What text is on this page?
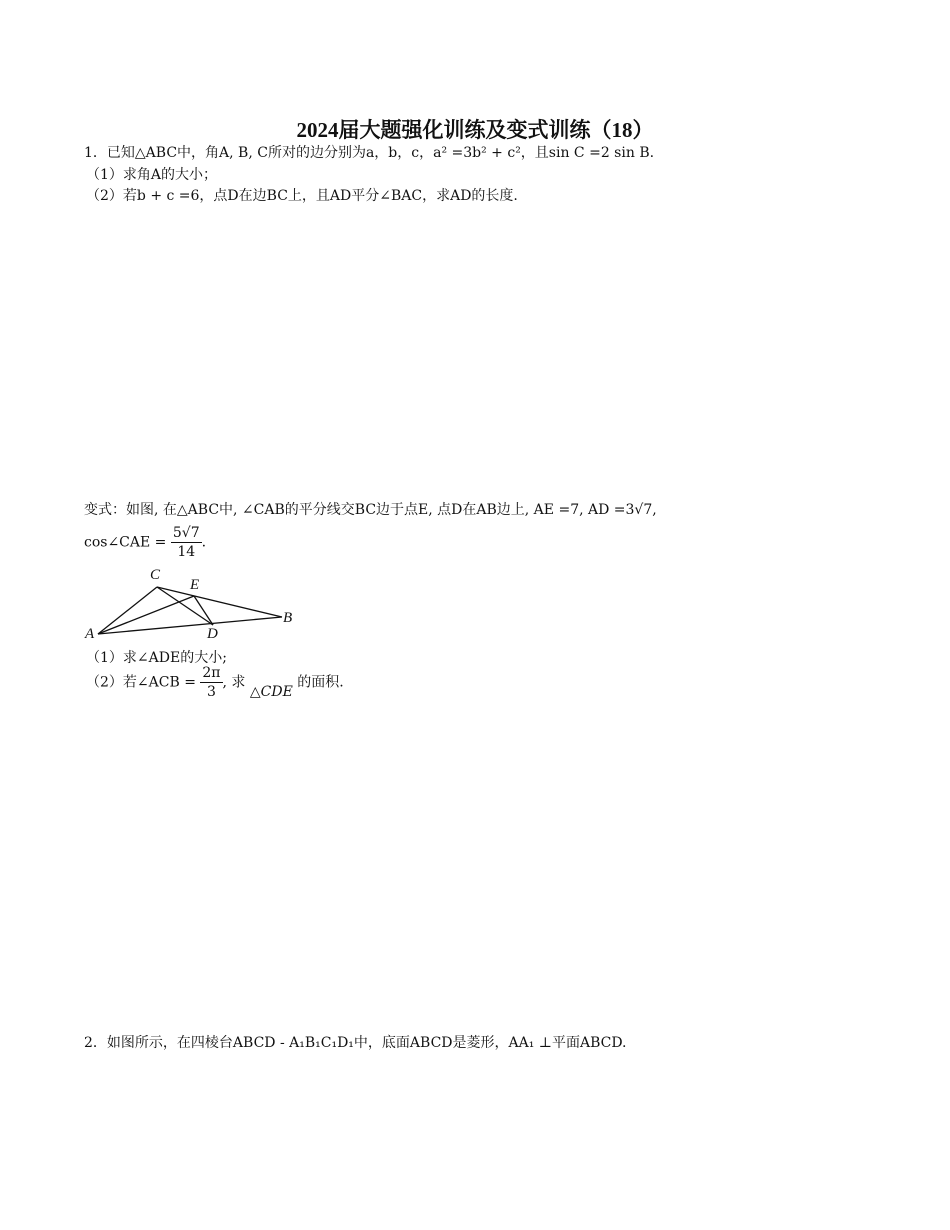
2024届大题强化训练及变式训练（18）
1．已知△ABC中，角A, B, C所对的边分别为a，b，c，a² =3b² + c²，且sin C =2 sin B.
（1）求角A的大小；
（2）若b + c =6，点D在边BC上，且AD平分∠BAC，求AD的长度.
变式：如图, 在△ABC中, ∠CAB的平分线交BC边于点E, 点D在AB边上, AE =7, AD =3√7,
cos∠CAE = $\frac{5√7}{14}$ .
C
E
B
A	D
（1）求∠ADE的大小;
（2）若∠ACB = $\frac{2\pi}{3}$ , 求 △CDE 的面积.
2．如图所示，在四棱台ABCD - A₁B₁C₁D₁中，底面ABCD是菱形，AA₁ ⊥平面ABCD.
